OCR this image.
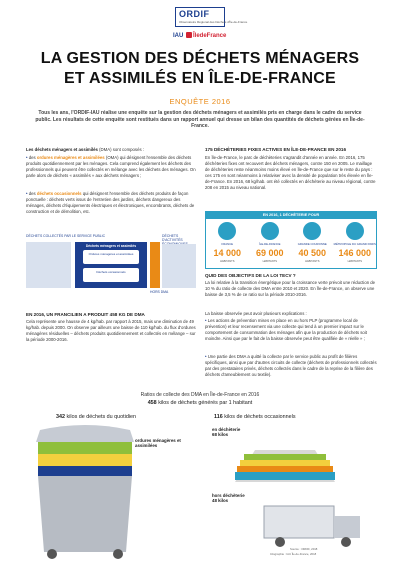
ORDIF
Observatoire Régional des Déchets d'Île-de-France
IAU	ÎledeFrance
LA GESTION DES DÉCHETS MÉNAGERS
ET ASSIMILÉS EN ÎLE-DE-FRANCE
ENQUÊTE 2016
Tous les ans, l'ORDIF-IAU réalise une enquête sur la gestion des déchets ménagers et assimilés pris en charge dans le cadre du service public. Les résultats de cette enquête sont restitués dans un rapport annuel qui dresse un bilan des quantités de déchets gérées en Île-de-France.
Les déchets ménagers et assimilés (DMA) sont composés :
• des ordures ménagères et assimilées (OMA) qui désignent l'ensemble des déchets produits quotidiennement par les ménages. Cela comprend également les déchets des professionnels qui peuvent être collectés en mélange avec les déchets des ménages. On parle alors de déchets « assimilés » aux déchets ménagers ;
• des déchets occasionnels qui désignent l'ensemble des déchets produits de façon ponctuelle : déchets verts issus de l'entretien des jardins, déchets dangereux des ménages, déchets d'équipements électriques et électroniques, encombrants, déchets de construction et de démolition, etc.
DÉCHETS COLLECTÉS PAR LE SERVICE PUBLIC	DÉCHETS D'ACTIVITÉS
Déchets ménagers et assimilés
Ordures ménagères et assimilées
Déchets occasionnels
HORS DMA
EN 2016, UN FRANCILIEN A PRODUIT 458 KG DE DMA
Cela représente une hausse de 4 kg/hab. par rapport à 2015, mais une diminution de 49 kg/hab. depuis 2000. On observe par ailleurs une baisse de 110 kg/hab. du flux d'ordures ménagères résiduelles – déchets produits quotidiennement et collectés en mélange – sur la période 2000-2016.
175 DÉCHÈTERIES FIXES ACTIVES EN ÎLE-DE-FRANCE EN 2016
En Île-de-France, le parc de déchèteries s'agrandit d'année en année. En 2016, 175 déchèteries fixes ont recouvert des déchets ménagers, contre 150 en 2005. Le maillage de déchèteries reste néanmoins moins élevé en Île-de-France que sur le reste du pays : ces 175 en sont néanmoins à relativiser avec la densité de population très élevée en Île-de-France. En 2016, 68 kg/hab. ont été collectés en déchèterie au niveau régional, contre 208 en 2015 au niveau national.
EN 2016, 1 DÉCHÈTERIE POUR
FRANCE
14 000
HABITANTS
ÎLE-DE-FRANCE
69 000
HABITANTS
GRANDE COURONNE
40 500
HABITANTS
MÉTROPOLE DU GRAND PARIS
146 000
HABITANTS
QUID DES OBJECTIFS DE LA LOI TECV ?
La loi relative à la transition énergétique pour la croissance verte prévoit une réduction de 10 % du ratio de collecte des DMA entre 2010 et 2020. En Île-de-France, on observe une baisse de 3,5 % de ce ratio sur la période 2010-2016.
La baisse observée peut avoir plusieurs explications :
• Les actions de prévention mises en place en ou hors PLP (programme local de prévention) et leur recensement via une collecte qui tend à un premier impact sur le comportement de consommation des ménages afin que la production de déchets soit moindre. Ainsi que par le fait de la baisse observée peut être qualifiée de « réelle » ;
• Une partie des DMA a quitté la collecte par le service public au profit de filières spécifiques, ainsi que par d'autres circuits de collecte (déchets de professionnels collectés par des prestataires privés, déchets collectés dans le cadre de la reprise de la filière des déchets d'ameublement ou textile).
Ratios de collecte des DMA en Île-de-France en 2016
458 kilos de déchets générés par 1 habitant
342 kilos de déchets du quotidien	116 kilos de déchets occasionnels
ordures ménagères et assimilées
en déchèterie
68 kilos
hors déchèterie
48 kilos
Source : ORDIF, 2018
Infographie : IAU Île-de-France, 2018
